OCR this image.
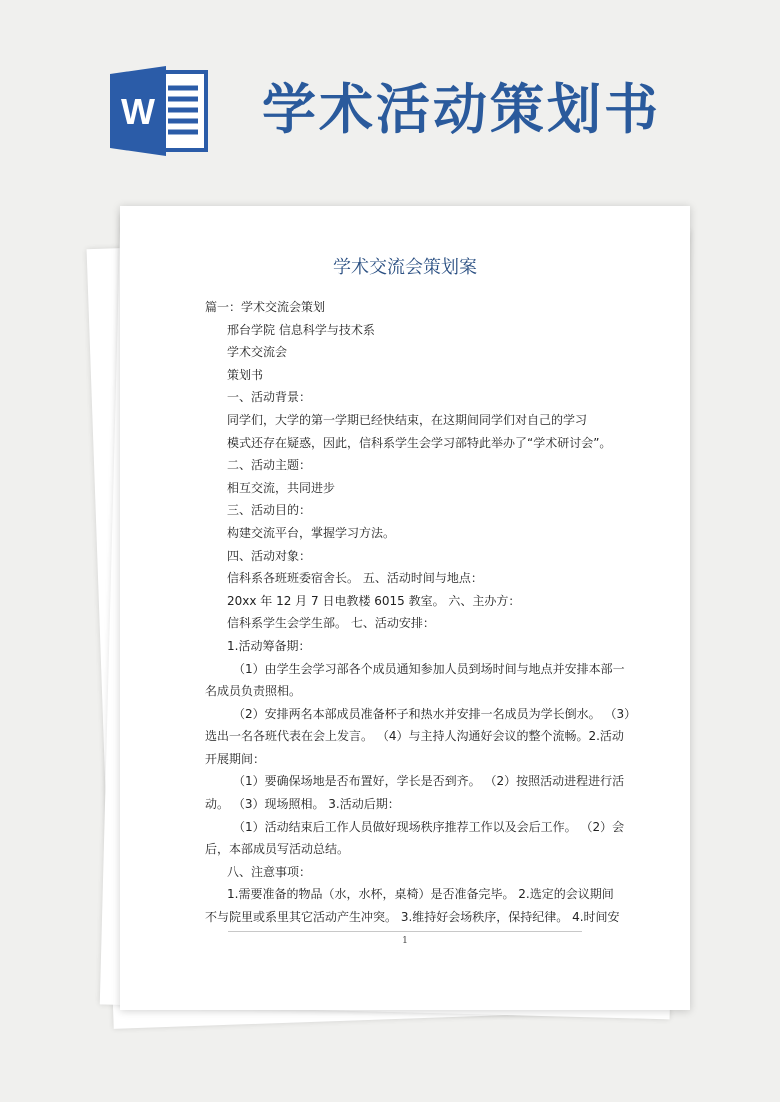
W 学术活动策划书
学术交流会策划案

篇一：学术交流会策划

邢台学院 信息科学与技术系

学术交流会

策划书

一、活动背景：

同学们，大学的第一学期已经快结束，在这期间同学们对自己的学习

模式还存在疑惑，因此，信科系学生会学习部特此举办了“学术研讨会”。

二、活动主题：

相互交流，共同进步

三、活动目的：

构建交流平台，掌握学习方法。

四、活动对象：

信科系各班班委宿舍长。 五、活动时间与地点：

20xx 年 12 月 7 日电教楼 6015 教室。 六、主办方：

信科系学生会学生部。 七、活动安排：

1.活动筹备期：

（1）由学生会学习部各个成员通知参加人员到场时间与地点并安排本部一

名成员负责照相。

（2）安排两名本部成员准备杯子和热水并安排一名成员为学长倒水。 （3）

选出一名各班代表在会上发言。 （4）与主持人沟通好会议的整个流畅。2.活动

开展期间：

（1）要确保场地是否布置好，学长是否到齐。 （2）按照活动进程进行活

动。 （3）现场照相。 3.活动后期：

（1）活动结束后工作人员做好现场秩序推荐工作以及会后工作。 （2）会

后，本部成员写活动总结。

八、注意事项：

1.需要准备的物品（水，水杯，桌椅）是否准备完毕。 2.选定的会议期间

不与院里或系里其它活动产生冲突。 3.维持好会场秩序，保持纪律。 4.时间安

1
